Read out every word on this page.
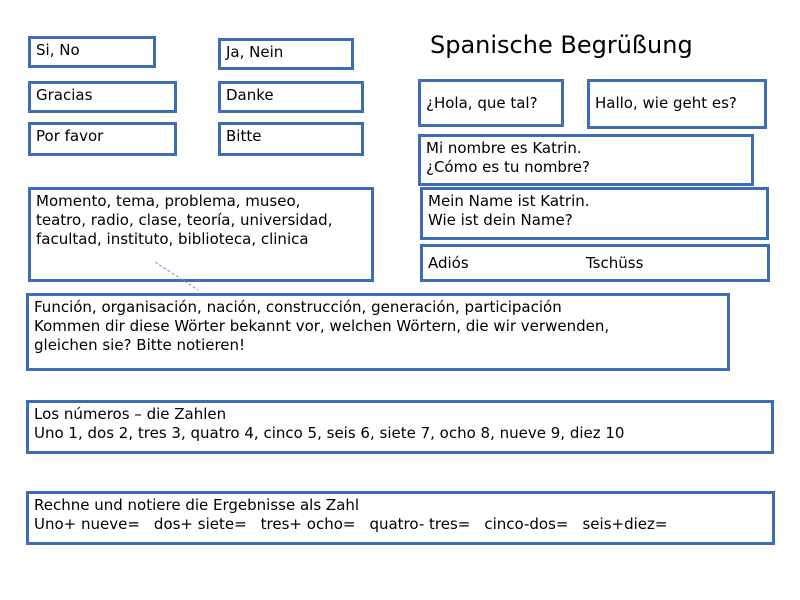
Spanische Begrüßung
Si, No	Ja, Nein
Gracias	Danke
Por favor	Bitte
¿Hola, que tal?	Hallo, wie geht es?
Mi nombre es Katrin.
¿Cómo es tu nombre?
Momento, tema, problema, museo,
teatro, radio, clase, teoría, universidad,
facultad, instituto, biblioteca, clinica
Mein Name ist Katrin.
Wie ist dein Name?
Adiós	Tschüss
Función, organisación, nación, construcción, generación, participación
Kommen dir diese Wörter bekannt vor, welchen Wörtern, die wir verwenden,
gleichen sie? Bitte notieren!
Los números – die Zahlen
Uno 1, dos 2, tres 3, quatro 4, cinco 5, seis 6, siete 7, ocho 8, nueve 9, diez 10
Rechne und notiere die Ergebnisse als Zahl
Uno+ nueve= dos+ siete= tres+ ocho= quatro- tres= cinco-dos= seis+diez=
